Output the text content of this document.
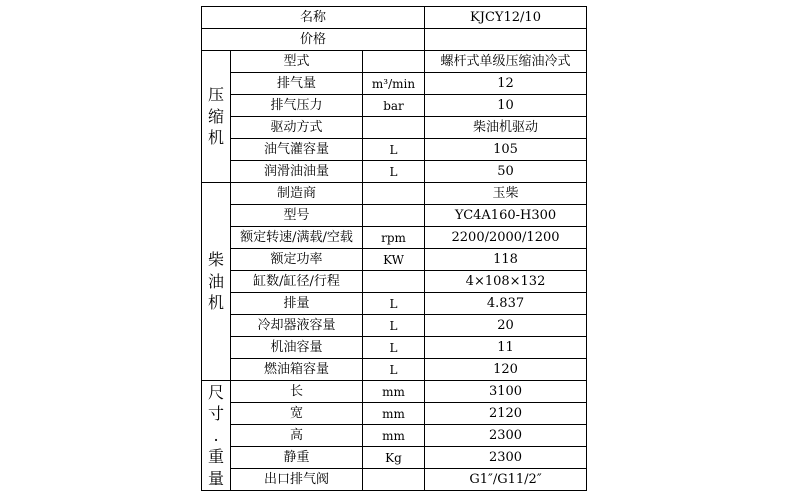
名称			KJCY12/10
价格			

压
缩
机	型式		螺杆式单级压缩油冷式
	排气量	m³/min	12
	排气压力	bar	10
	驱动方式		柴油机驱动
	油气灌容量	L	105
	润滑油油量	L	50

柴
油
机	制造商		玉柴
	型号		YC4A160-H300
	额定转速/满载/空载	rpm	2200/2000/1200
	额定功率	KW	118
	缸数/缸径/行程		4×108×132
	排量	L	4.837
	冷却器液容量	L	20
	机油容量	L	11
	燃油箱容量	L	120

尺
寸
.
重
量	长	mm	3100
	宽	mm	2120
	高	mm	2300
	静重	Kg	2300
	出口排气阀		G1″/G11/2″
